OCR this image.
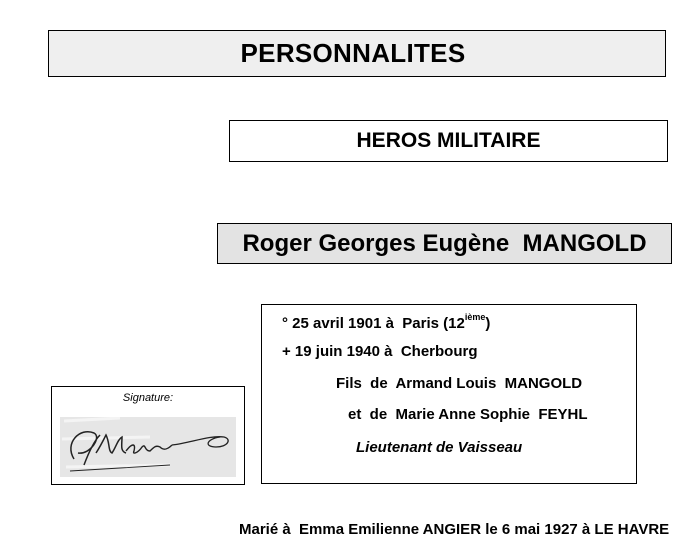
PERSONNALITES
HEROS MILITAIRE
Roger Georges Eugène  MANGOLD
° 25 avril 1901 à  Paris (12ième)
+ 19 juin 1940 à  Cherbourg
Fils  de  Armand Louis  MANGOLD
et  de  Marie Anne Sophie  FEYHL
Lieutenant de Vaisseau
Signature:
Marié à  Emma Emilienne ANGIER le 6 mai 1927 à LE HAVRE
